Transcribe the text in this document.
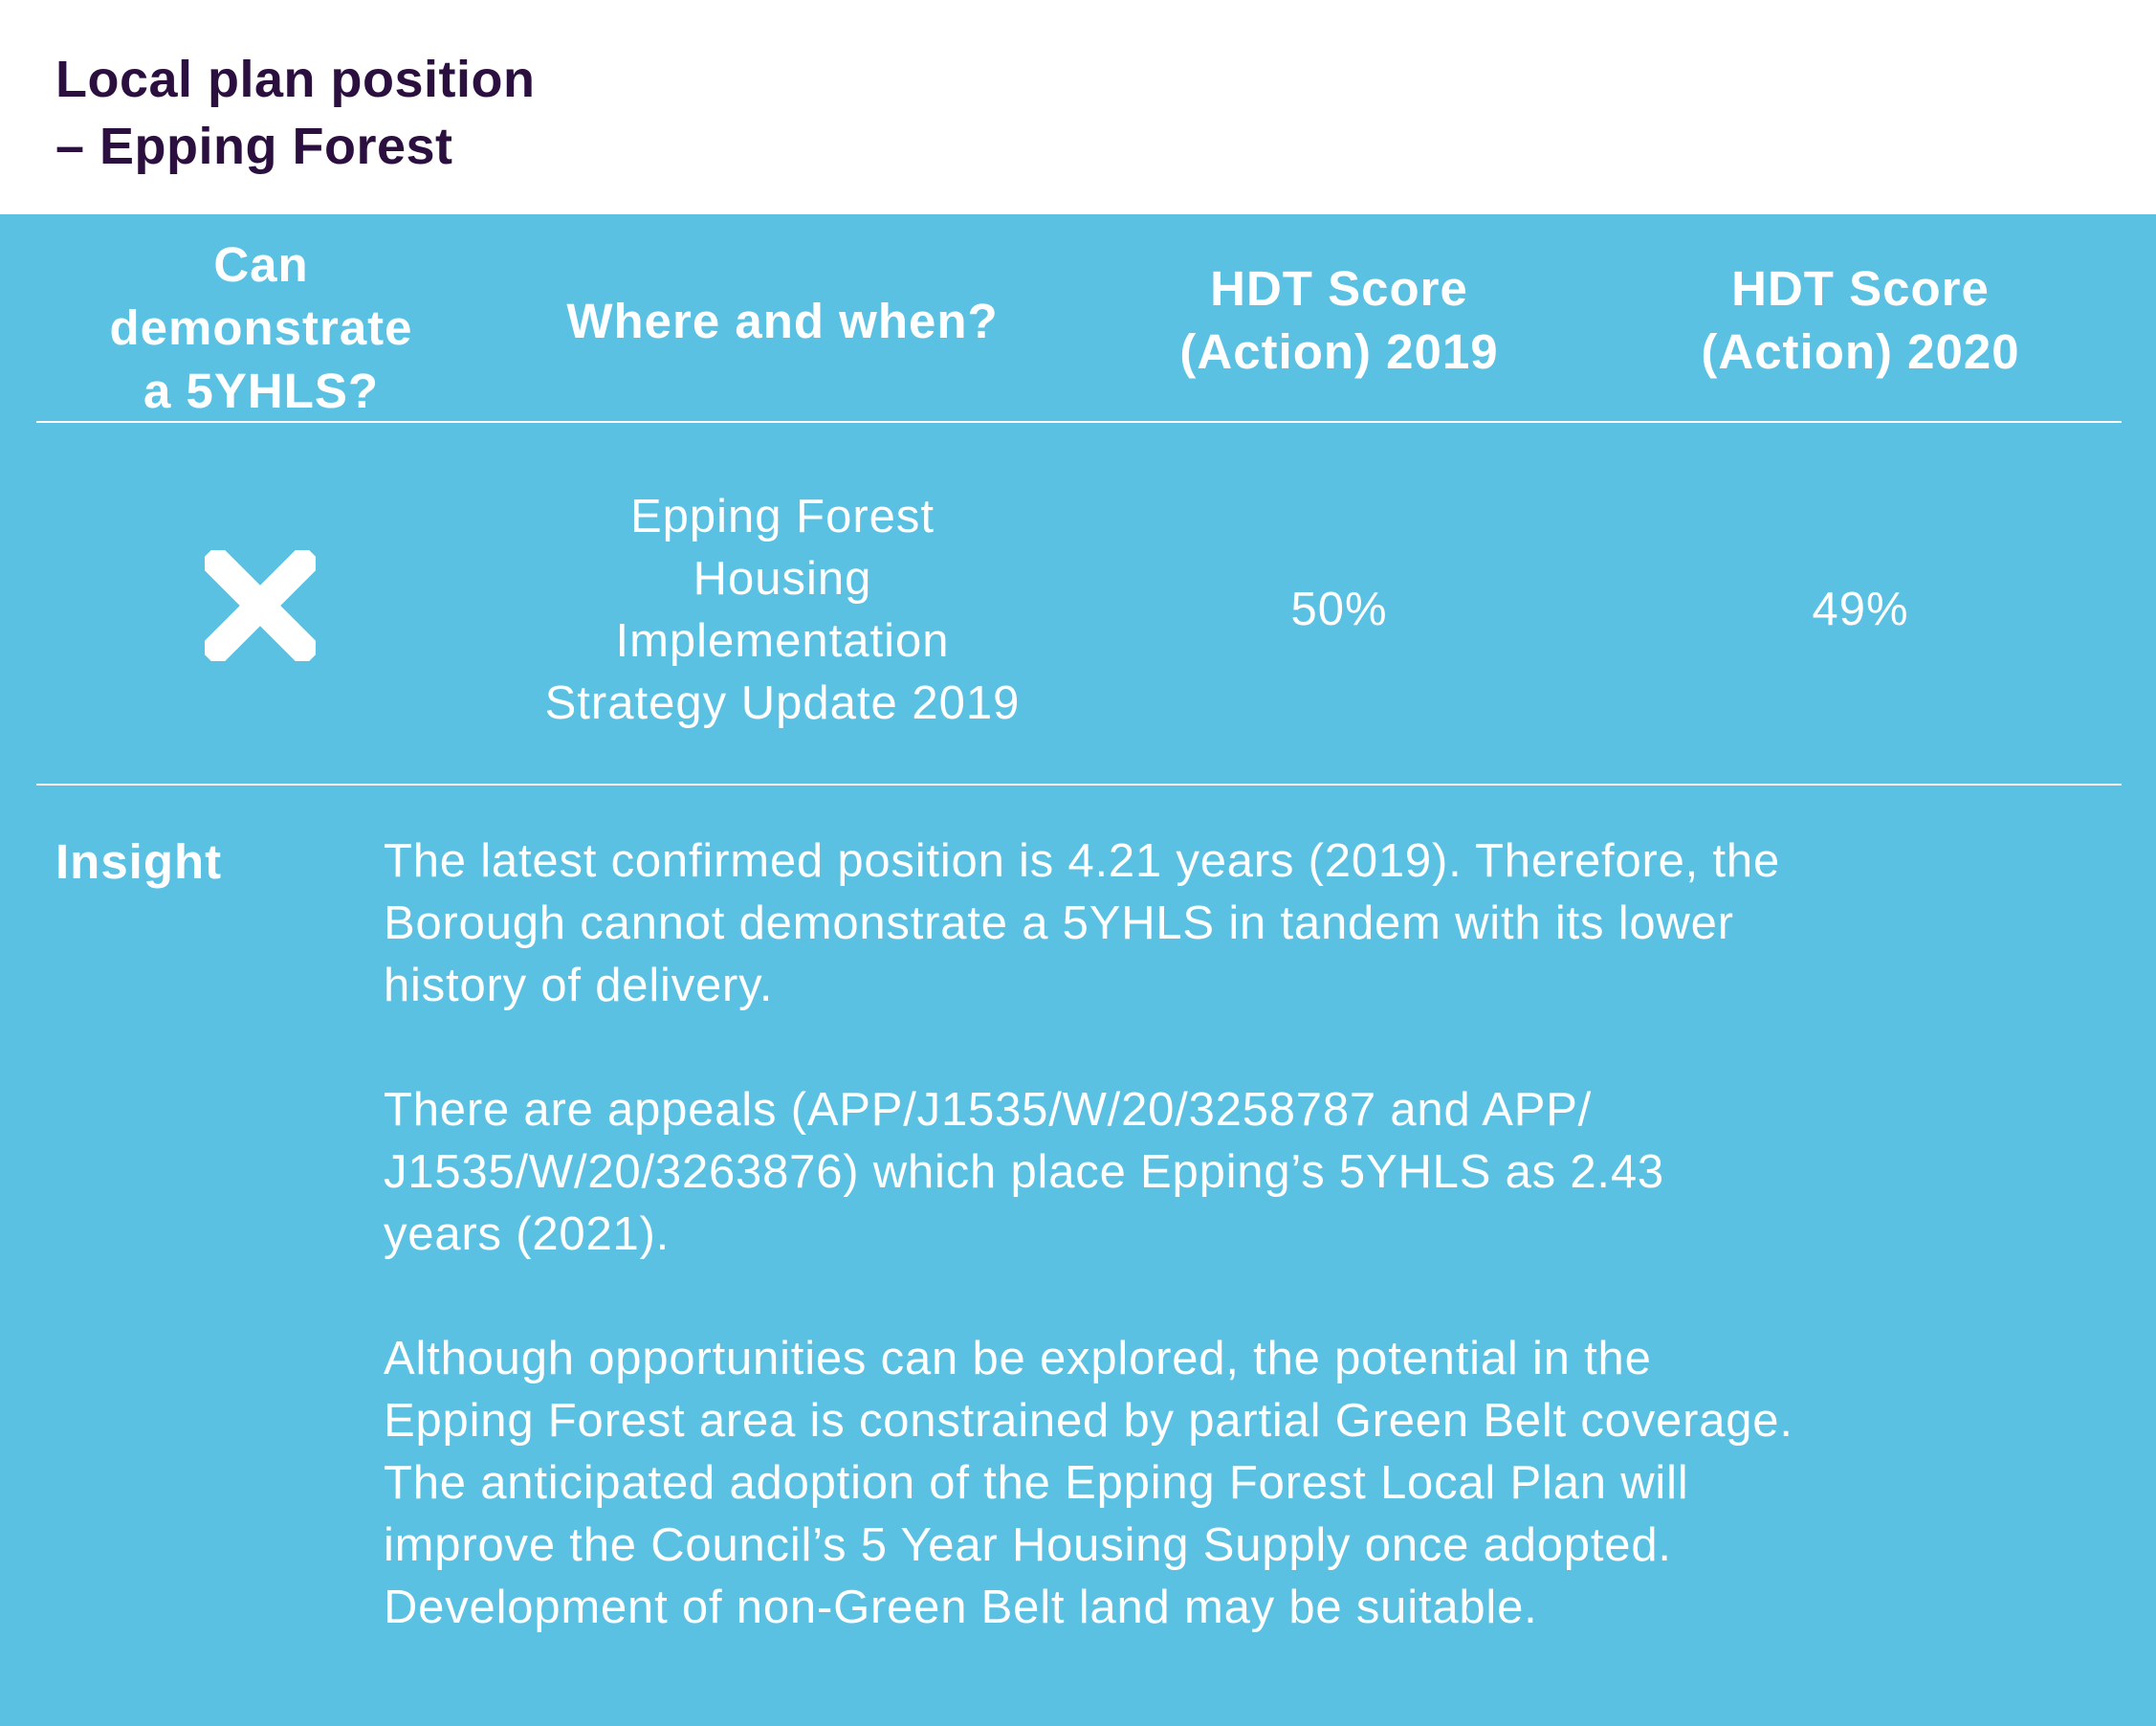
Local plan position
– Epping Forest
Can
demonstrate
a 5YHLS?
Where and when?
HDT Score
(Action) 2019
HDT Score
(Action) 2020
Epping Forest
Housing
Implementation
Strategy Update 2019
50%	49%
Insight	The latest confirmed position is 4.21 years (2019). Therefore, the
Borough cannot demonstrate a 5YHLS in tandem with its lower
history of delivery.

There are appeals (APP/J1535/W/20/3258787 and APP/
J1535/W/20/3263876) which place Epping’s 5YHLS as 2.43
years (2021).

Although opportunities can be explored, the potential in the
Epping Forest area is constrained by partial Green Belt coverage.
The anticipated adoption of the Epping Forest Local Plan will
improve the Council’s 5 Year Housing Supply once adopted.
Development of non-Green Belt land may be suitable.
